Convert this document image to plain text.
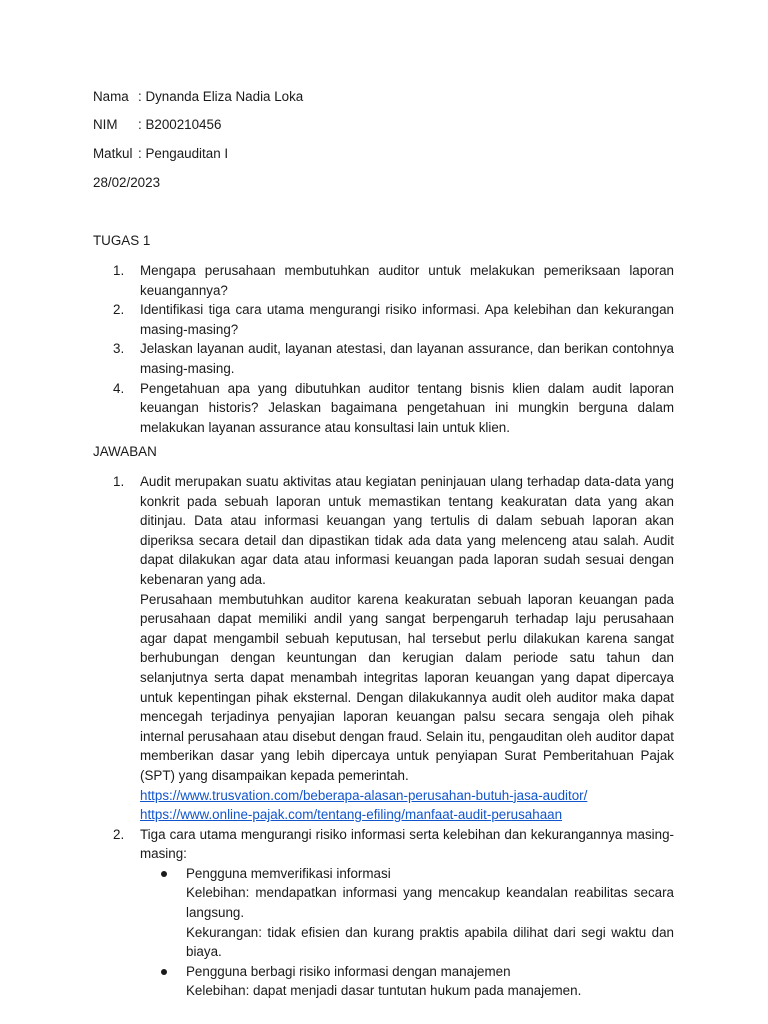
Nama : Dynanda Eliza Nadia Loka
NIM : B200210456
Matkul : Pengauditan I
28/02/2023
TUGAS 1
1. Mengapa perusahaan membutuhkan auditor untuk melakukan pemeriksaan laporan keuangannya?
2. Identifikasi tiga cara utama mengurangi risiko informasi. Apa kelebihan dan kekurangan masing-masing?
3. Jelaskan layanan audit, layanan atestasi, dan layanan assurance, dan berikan contohnya masing-masing.
4. Pengetahuan apa yang dibutuhkan auditor tentang bisnis klien dalam audit laporan keuangan historis? Jelaskan bagaimana pengetahuan ini mungkin berguna dalam melakukan layanan assurance atau konsultasi lain untuk klien.
JAWABAN
1. Audit merupakan suatu aktivitas atau kegiatan peninjauan ulang terhadap data-data yang konkrit pada sebuah laporan untuk memastikan tentang keakuratan data yang akan ditinjau. Data atau informasi keuangan yang tertulis di dalam sebuah laporan akan diperiksa secara detail dan dipastikan tidak ada data yang melenceng atau salah. Audit dapat dilakukan agar data atau informasi keuangan pada laporan sudah sesuai dengan kebenaran yang ada.

Perusahaan membutuhkan auditor karena keakuratan sebuah laporan keuangan pada perusahaan dapat memiliki andil yang sangat berpengaruh terhadap laju perusahaan agar dapat mengambil sebuah keputusan, hal tersebut perlu dilakukan karena sangat berhubungan dengan keuntungan dan kerugian dalam periode satu tahun dan selanjutnya serta dapat menambah integritas laporan keuangan yang dapat dipercaya untuk kepentingan pihak eksternal. Dengan dilakukannya audit oleh auditor maka dapat mencegah terjadinya penyajian laporan keuangan palsu secara sengaja oleh pihak internal perusahaan atau disebut dengan fraud. Selain itu, pengauditan oleh auditor dapat memberikan dasar yang lebih dipercaya untuk penyiapan Surat Pemberitahuan Pajak (SPT) yang disampaikan kepada pemerintah.

https://www.trusvation.com/beberapa-alasan-perusahan-butuh-jasa-auditor/
https://www.online-pajak.com/tentang-efiling/manfaat-audit-perusahaan
2. Tiga cara utama mengurangi risiko informasi serta kelebihan dan kekurangannya masing-masing:

Pengguna memverifikasi informasi

Kelebihan: mendapatkan informasi yang mencakup keandalan reabilitas secara langsung.

Kekurangan: tidak efisien dan kurang praktis apabila dilihat dari segi waktu dan biaya.

Pengguna berbagi risiko informasi dengan manajemen

Kelebihan: dapat menjadi dasar tuntutan hukum pada manajemen.
